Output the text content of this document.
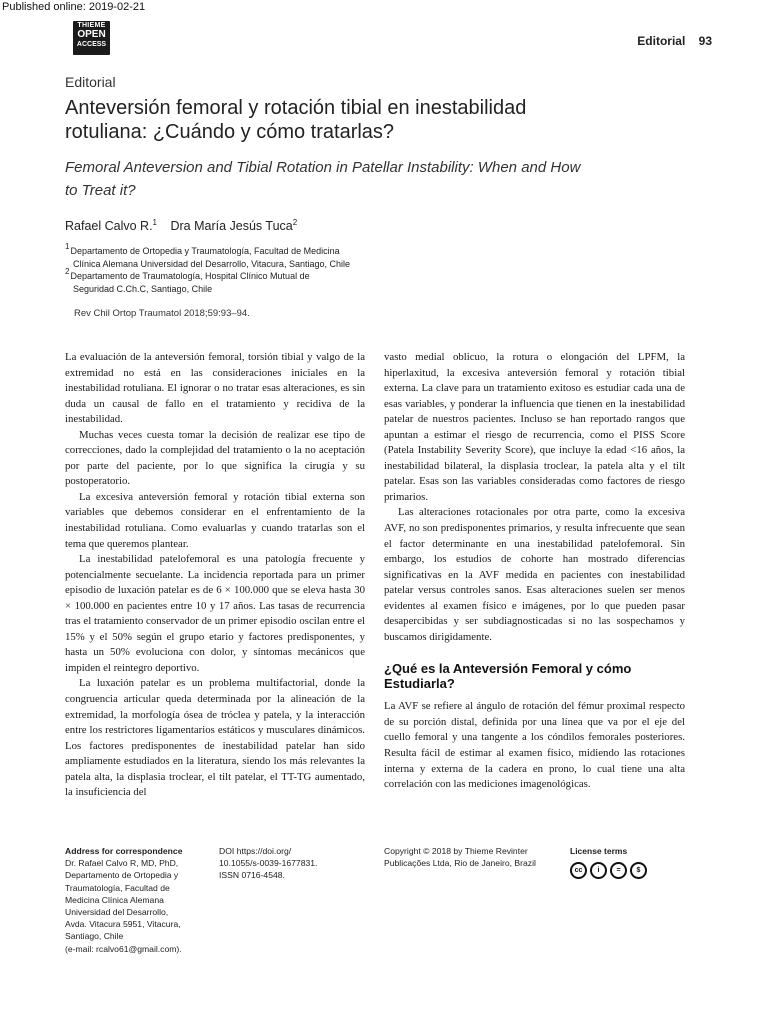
Published online: 2019-02-21
THIEME
OPEN
ACCESS	Editorial 93
Editorial
Anteversión femoral y rotación tibial en inestabilidad rotuliana: ¿Cuándo y cómo tratarlas?
Femoral Anteversion and Tibial Rotation in Patellar Instability: When and How to Treat it?
Rafael Calvo R.$^1$ Dra María Jesús Tuca$^2$
$^1$Departamento de Ortopedia y Traumatología, Facultad de Medicina
Clínica Alemana Universidad del Desarrollo, Vitacura, Santiago, Chile
$^2$Departamento de Traumatología, Hospital Clínico Mutual de
Seguridad C.Ch.C, Santiago, Chile
Rev Chil Ortop Traumatol 2018;59:93–94.

La evaluación de la anteversión femoral, torsión tibial y valgo de la extremidad no está en las consideraciones iniciales en la inestabilidad rotuliana. El ignorar o no tratar esas alteraciones, es sin duda un causal de fallo en el tratamiento y recidiva de la inestabilidad.

Muchas veces cuesta tomar la decisión de realizar ese tipo de correcciones, dado la complejidad del tratamiento o la no aceptación por parte del paciente, por lo que significa la cirugía y su postoperatorio.

La excesiva anteversión femoral y rotación tibial externa son variables que debemos considerar en el enfrentamiento de la inestabilidad rotuliana. Como evaluarlas y cuando tratarlas son el tema que queremos plantear.

La inestabilidad patelofemoral es una patología frecuente y potencialmente secuelante. La incidencia reportada para un primer episodio de luxación patelar es de 6 × 100.000 que se eleva hasta 30 × 100.000 en pacientes entre 10 y 17 años. Las tasas de recurrencia tras el tratamiento conservador de un primer episodio oscilan entre el 15% y el 50% según el grupo etario y factores predisponentes, y hasta un 50% evoluciona con dolor, y síntomas mecánicos que impiden el reintegro deportivo.

La luxación patelar es un problema multifactorial, donde la congruencia articular queda determinada por la alineación de la extremidad, la morfología ósea de tróclea y patela, y la interacción entre los restrictores ligamentarios estáticos y musculares dinámicos. Los factores predisponentes de inestabilidad patelar han sido ampliamente estudiados en la literatura, siendo los más relevantes la patela alta, la displasia troclear, el tilt patelar, el TT-TG aumentado, la insuficiencia del

vasto medial oblicuo, la rotura o elongación del LPFM, la hiperlaxitud, la excesiva anteversión femoral y rotación tibial externa. La clave para un tratamiento exitoso es estudiar cada una de esas variables, y ponderar la influencia que tienen en la inestabilidad patelar de nuestros pacientes. Incluso se han reportado rangos que apuntan a estimar el riesgo de recurrencia, como el PISS Score (Patela Instability Severity Score), que incluye la edad <16 años, la inestabilidad bilateral, la displasia troclear, la patela alta y el tilt patelar. Esas son las variables consideradas como factores de riesgo primarios.

Las alteraciones rotacionales por otra parte, como la excesiva AVF, no son predisponentes primarios, y resulta infrecuente que sean el factor determinante en una inestabilidad patelofemoral. Sin embargo, los estudios de cohorte han mostrado diferencias significativas en la AVF medida en pacientes con inestabilidad patelar versus controles sanos. Esas alteraciones suelen ser menos evidentes al examen físico e imágenes, por lo que pueden pasar desapercibidas y ser subdiagnosticadas si no las sospechamos y buscamos dirigidamente.

¿Qué es la Anteversión Femoral y cómo Estudiarla?

La AVF se refiere al ángulo de rotación del fémur proximal respecto de su porción distal, definida por una línea que va por el eje del cuello femoral y una tangente a los cóndilos femorales posteriores. Resulta fácil de estimar al examen físico, midiendo las rotaciones interna y externa de la cadera en prono, lo cual tiene una alta correlación con las mediciones imagenológicas.

Address for correspondence
Dr. Rafael Calvo R, MD, PhD,
Departamento de Ortopedia y
Traumatología, Facultad de
Medicina Clínica Alemana
Universidad del Desarrollo,
Avda. Vitacura 5951, Vitacura,
Santiago, Chile
(e-mail: rcalvo61@gmail.com).
DOI https://doi.org/
10.1055/s-0039-1677831.
ISSN 0716-4548.
Copyright © 2018 by Thieme Revinter
Publicações Ltda, Rio de Janeiro, Brazil
License terms
cc	i	=	$
